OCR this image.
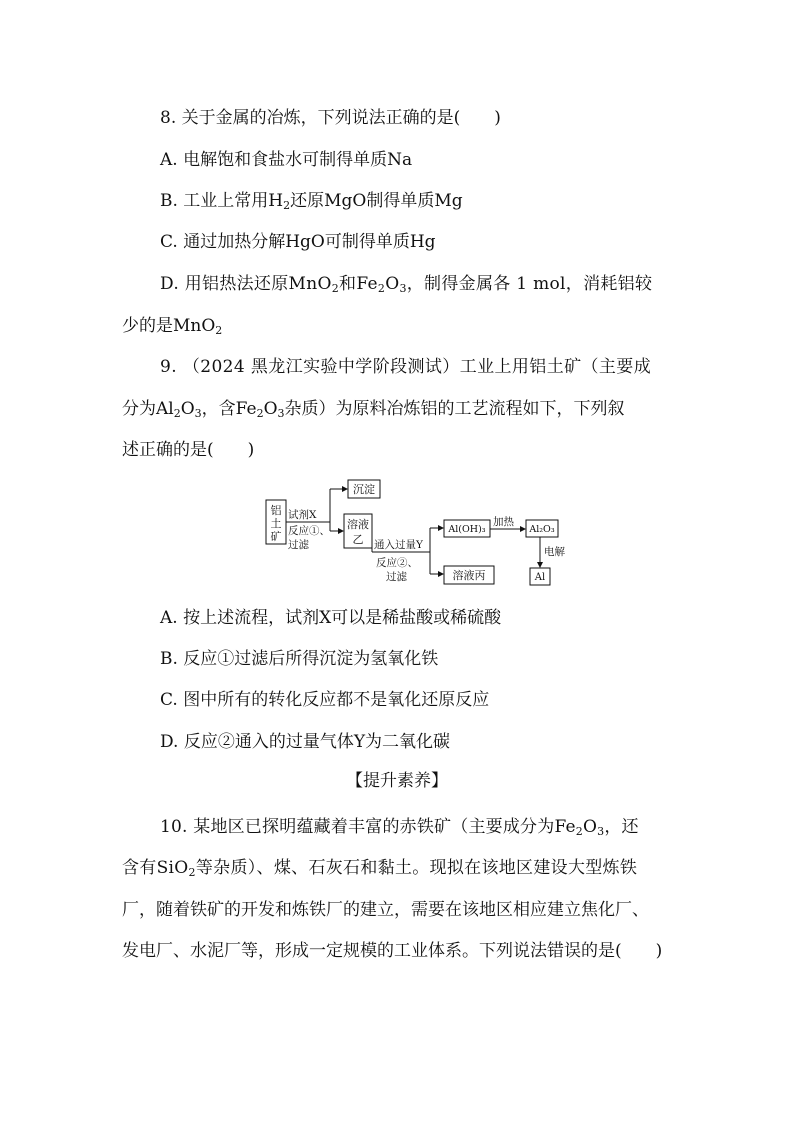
8. 关于金属的冶炼，下列说法正确的是(　　)
A. 电解饱和食盐水可制得单质Na
B. 工业上常用$H_2$还原MgO制得单质Mg
C. 通过加热分解HgO可制得单质Hg
D. 用铝热法还原MnO$_2$和$Fe_2O_3$，制得金属各 1 mol，消耗铝较
少的是MnO$_2$
9. （2024 黑龙江实验中学阶段测试）工业上用铝土矿（主要成
分为$Al_2O_3$，含$Fe_2O_3$杂质）为原料冶炼铝的工艺流程如下，下列叙
述正确的是(　　)
铝
土
矿
试剂X
反应①、
过滤
沉淀
溶液
乙 通入过量Y
反应②、
过滤
Al(OH)₃
加热
Al₂O₃
电解
Al
溶液丙
A. 按上述流程，试剂X可以是稀盐酸或稀硫酸
B. 反应①过滤后所得沉淀为氢氧化铁
C. 图中所有的转化反应都不是氧化还原反应
D. 反应②通入的过量气体Y为二氧化碳
【提升素养】
10. 某地区已探明蕴藏着丰富的赤铁矿（主要成分为$Fe_2O_3$，还
含有SiO$_2$等杂质）、煤、石灰石和黏土。现拟在该地区建设大型炼铁
厂，随着铁矿的开发和炼铁厂的建立，需要在该地区相应建立焦化厂、
发电厂、水泥厂等，形成一定规模的工业体系。下列说法错误的是(　　)
